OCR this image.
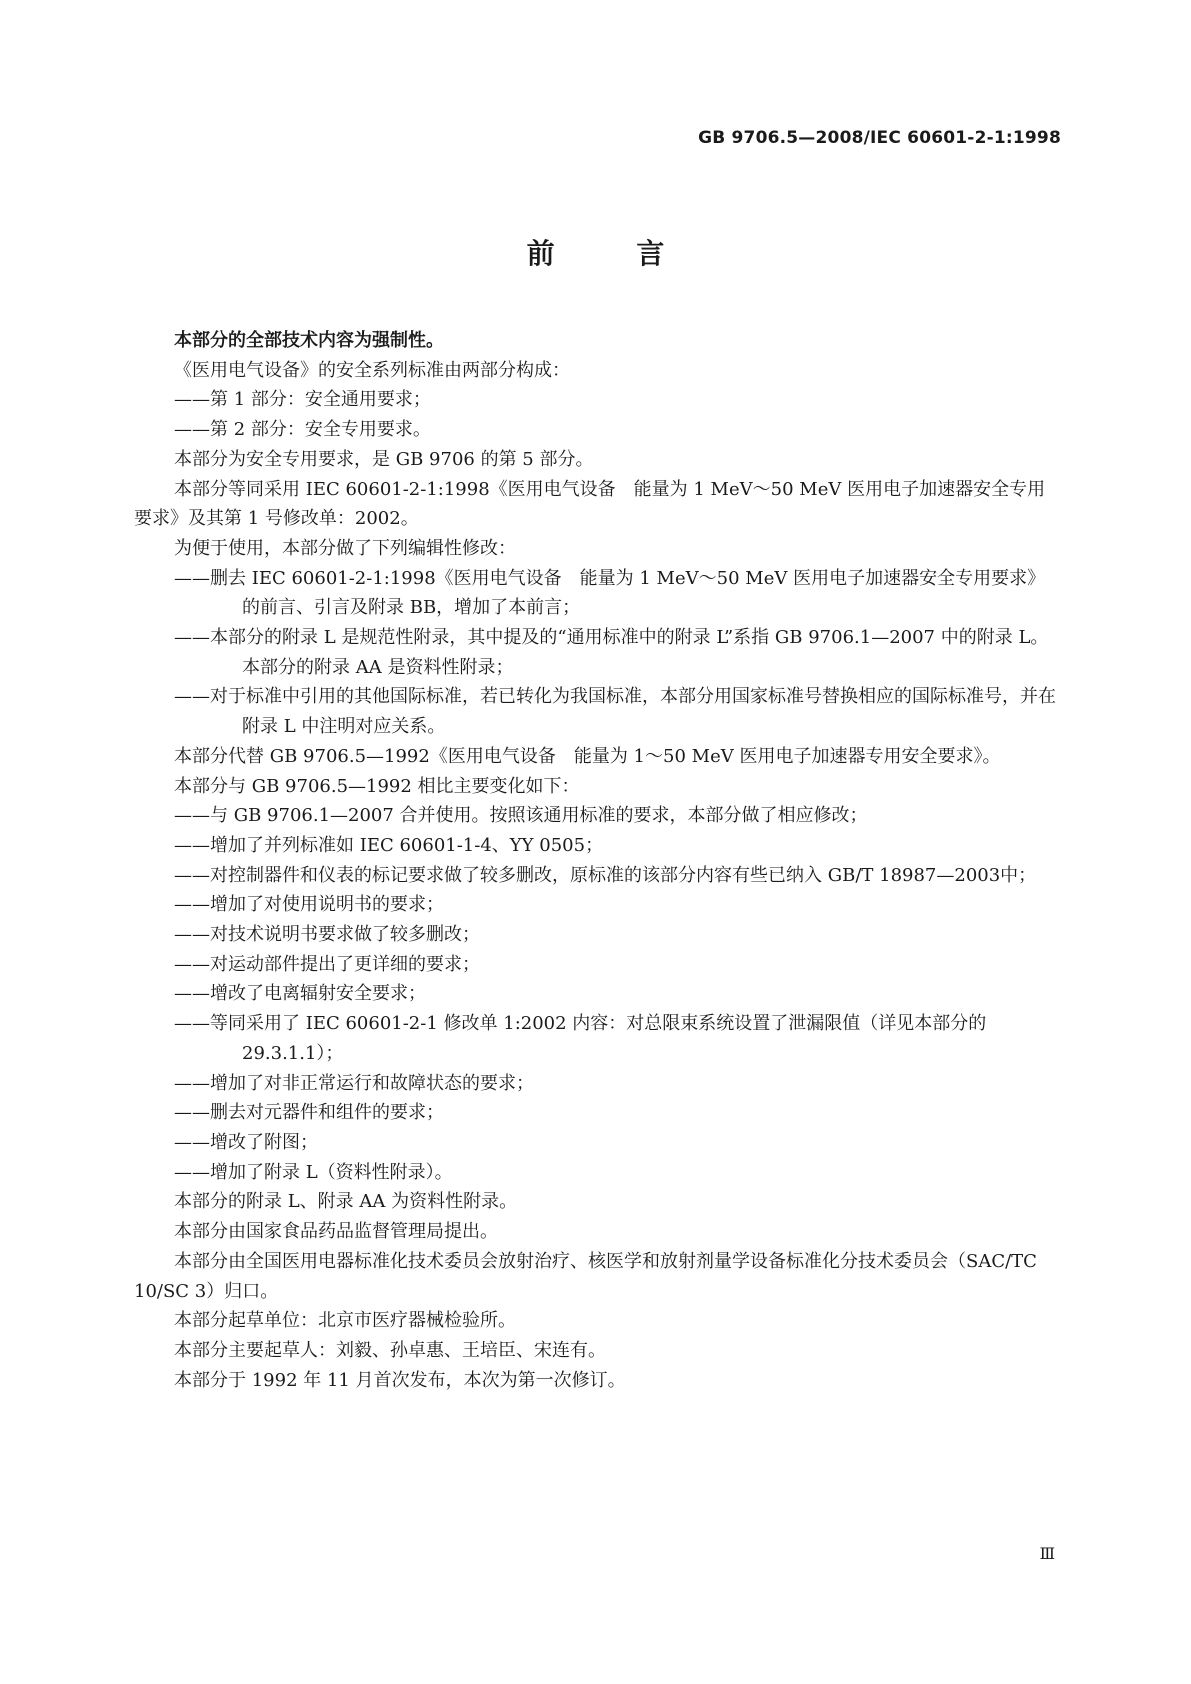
GB 9706.5—2008/IEC 60601-2-1:1998
前 言

本部分的全部技术内容为强制性。

《医用电气设备》的安全系列标准由两部分构成：

——第 1 部分：安全通用要求；

——第 2 部分：安全专用要求。

本部分为安全专用要求，是 GB 9706 的第 5 部分。

本部分等同采用 IEC 60601-2-1:1998《医用电气设备　能量为 1 MeV～50 MeV 医用电子加速器安全专用要求》及其第 1 号修改单：2002。

为便于使用，本部分做了下列编辑性修改：

——删去 IEC 60601-2-1:1998《医用电气设备　能量为 1 MeV～50 MeV 医用电子加速器安全专用要求》的前言、引言及附录 BB，增加了本前言；

——本部分的附录 L 是规范性附录，其中提及的“通用标准中的附录 L”系指 GB 9706.1—2007 中的附录 L。本部分的附录 AA 是资料性附录；

——对于标准中引用的其他国际标准，若已转化为我国标准，本部分用国家标准号替换相应的国际标准号，并在附录 L 中注明对应关系。

本部分代替 GB 9706.5—1992《医用电气设备　能量为 1～50 MeV 医用电子加速器专用安全要求》。

本部分与 GB 9706.5—1992 相比主要变化如下：

——与 GB 9706.1—2007 合并使用。按照该通用标准的要求，本部分做了相应修改；

——增加了并列标准如 IEC 60601-1-4、YY 0505；

——对控制器件和仪表的标记要求做了较多删改，原标准的该部分内容有些已纳入 GB/T 18987—2003中；

——增加了对使用说明书的要求；

——对技术说明书要求做了较多删改；

——对运动部件提出了更详细的要求；

——增改了电离辐射安全要求；

——等同采用了 IEC 60601-2-1 修改单 1:2002 内容：对总限束系统设置了泄漏限值（详见本部分的 29.3.1.1）；

——增加了对非正常运行和故障状态的要求；

——删去对元器件和组件的要求；

——增改了附图；

——增加了附录 L（资料性附录）。

本部分的附录 L、附录 AA 为资料性附录。

本部分由国家食品药品监督管理局提出。

本部分由全国医用电器标准化技术委员会放射治疗、核医学和放射剂量学设备标准化分技术委员会（SAC/TC 10/SC 3）归口。

本部分起草单位：北京市医疗器械检验所。

本部分主要起草人：刘毅、孙卓惠、王培臣、宋连有。

本部分于 1992 年 11 月首次发布，本次为第一次修订。

Ⅲ
